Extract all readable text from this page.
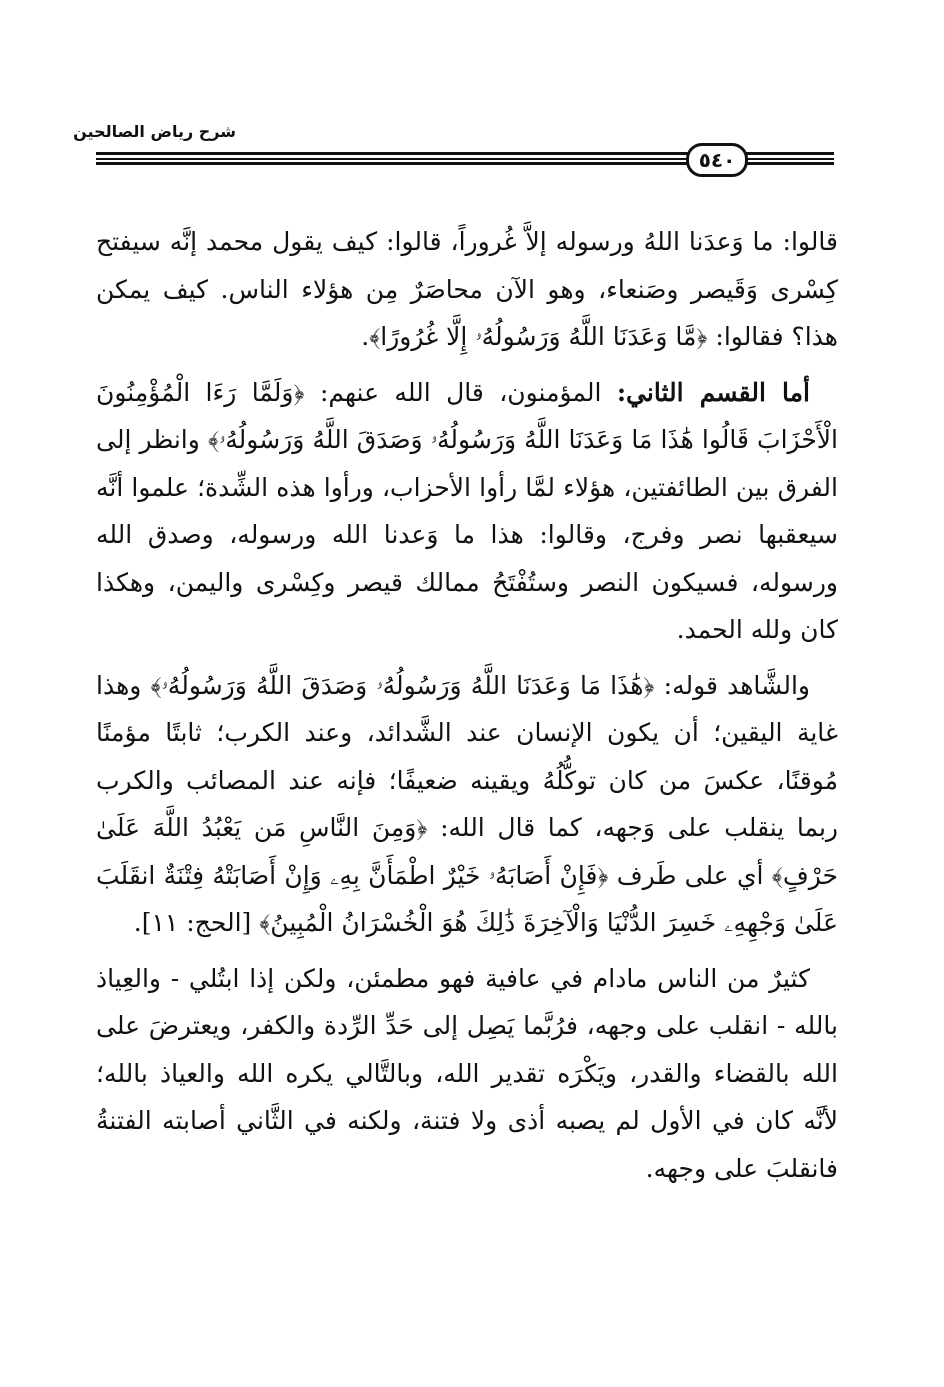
شرح رياض الصالحين
٥٤٠

قالوا: ما وَعدَنا اللهُ ورسوله إلاَّ غُروراً، قالوا: كيف يقول محمد إنَّه سيفتح كِسْرى وَقَيصر وصَنعاء، وهو الآن محاصَرٌ مِن هؤلاء الناس. كيف يمكن هذا؟ فقالوا: ﴿مَّا وَعَدَنَا اللَّهُ وَرَسُولُهُۥ إِلَّا غُرُورًا﴾.

أما القسم الثاني: المؤمنون، قال الله عنهم: ﴿وَلَمَّا رَءَا الْمُؤْمِنُونَ الْأَحْزَابَ قَالُوا هَٰذَا مَا وَعَدَنَا اللَّهُ وَرَسُولُهُۥ وَصَدَقَ اللَّهُ وَرَسُولُهُۥ﴾ وانظر إلى الفرق بين الطائفتين، هؤلاء لمَّا رأوا الأحزاب، ورأوا هذه الشِّدة؛ علموا أنَّه سيعقبها نصر وفرج، وقالوا: هذا ما وَعدنا الله ورسوله، وصدق الله ورسوله، فسيكون النصر وستُفْتَحُ ممالك قيصر وكِسْرى واليمن، وهكذا كان ولله الحمد.

والشَّاهد قوله: ﴿هَٰذَا مَا وَعَدَنَا اللَّهُ وَرَسُولُهُۥ وَصَدَقَ اللَّهُ وَرَسُولُهُۥ﴾ وهذا غاية اليقين؛ أن يكون الإنسان عند الشَّدائد، وعند الكرب؛ ثابتًا مؤمنًا مُوقنًا، عكسَ من كان توكُّلُهُ ويقينه ضعيفًا؛ فإنه عند المصائب والكرب ربما ينقلب على وَجهه، كما قال الله: ﴿وَمِنَ النَّاسِ مَن يَعْبُدُ اللَّهَ عَلَىٰ حَرْفٍ﴾ أي على طَرف ﴿فَإِنْ أَصَابَهُۥ خَيْرٌ اطْمَأَنَّ بِهِۦ وَإِنْ أَصَابَتْهُ فِتْنَةٌ انقَلَبَ عَلَىٰ وَجْهِهِۦ خَسِرَ الدُّنْيَا وَالْآخِرَةَ ذَٰلِكَ هُوَ الْخُسْرَانُ الْمُبِينُ﴾ [الحج: ١١].

كثيرٌ من الناس مادام في عافية فهو مطمئن، ولكن إذا ابتُلي - والعِياذ بالله - انقلب على وجهه، فرُبَّما يَصِل إلى حَدِّ الرِّدة والكفر، ويعترضَ على الله بالقضاء والقدر، ويَكْرَه تقدير الله، وبالتَّالي يكره الله والعياذ بالله؛ لأنَّه كان في الأول لم يصبه أذى ولا فتنة، ولكنه في الثَّاني أصابته الفتنةُ فانقلبَ على وجهه.
